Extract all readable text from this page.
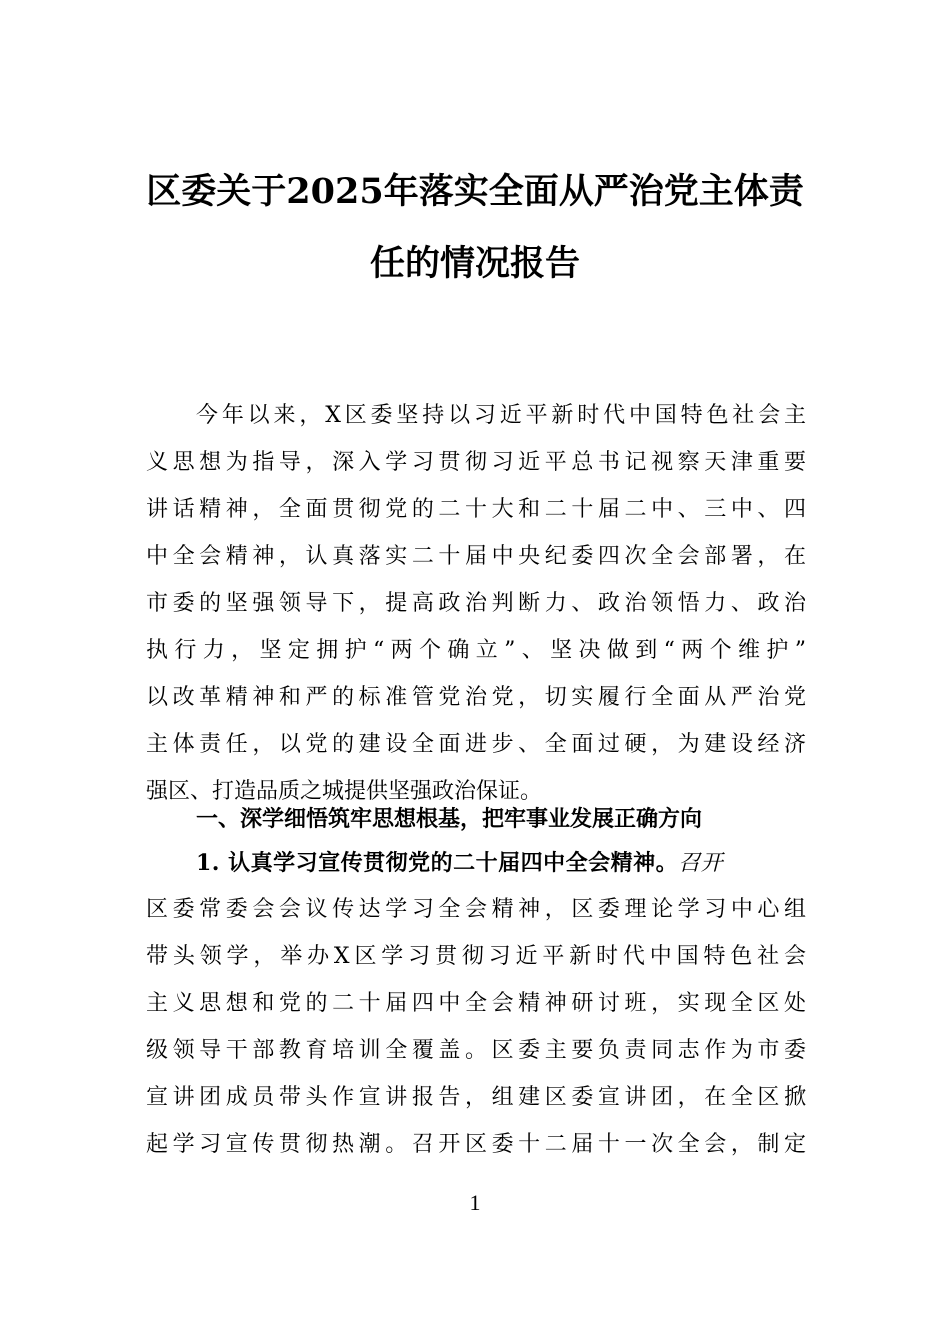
区委关于2025年落实全面从严治党主体责
任的情况报告
今年以来，X区委坚持以习近平新时代中国特色社会主
义思想为指导，深入学习贯彻习近平总书记视察天津重要
讲话精神，全面贯彻党的二十大和二十届二中、三中、四
中全会精神，认真落实二十届中央纪委四次全会部署，在
市委的坚强领导下，提高政治判断力、政治领悟力、政治
执行力，坚定拥护“两个确立”、坚决做到“两个维护”
以改革精神和严的标准管党治党，切实履行全面从严治党
主体责任，以党的建设全面进步、全面过硬，为建设经济
强区、打造品质之城提供坚强政治保证。
一、深学细悟筑牢思想根基，把牢事业发展正确方向
1. 认真学习宣传贯彻党的二十届四中全会精神。召开
区委常委会会议传达学习全会精神，区委理论学习中心组
带头领学，举办X区学习贯彻习近平新时代中国特色社会
主义思想和党的二十届四中全会精神研讨班，实现全区处
级领导干部教育培训全覆盖。区委主要负责同志作为市委
宣讲团成员带头作宣讲报告，组建区委宣讲团，在全区掀
起学习宣传贯彻热潮。召开区委十二届十一次全会，制定
1
